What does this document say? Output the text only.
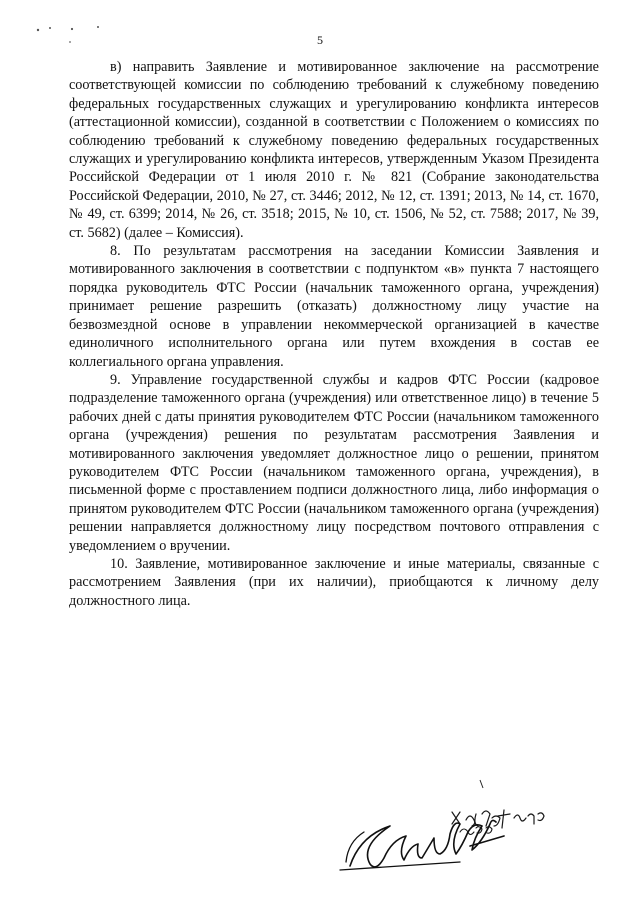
5

в) направить Заявление и мотивированное заключение на рассмотрение соответствующей комиссии по соблюдению требований к служебному поведению федеральных государственных служащих и урегулированию конфликта интересов (аттестационной комиссии), созданной в соответствии с Положением о комиссиях по соблюдению требований к служебному поведению федеральных государственных служащих и урегулированию конфликта интересов, утвержденным Указом Президента Российской Федерации от 1 июля 2010 г. № 821 (Собрание законодательства Российской Федерации, 2010, № 27, ст. 3446; 2012, № 12, ст. 1391; 2013, № 14, ст. 1670, № 49, ст. 6399; 2014, № 26, ст. 3518; 2015, № 10, ст. 1506, № 52, ст. 7588; 2017, № 39, ст. 5682) (далее – Комиссия).

8. По результатам рассмотрения на заседании Комиссии Заявления и мотивированного заключения в соответствии с подпунктом «в» пункта 7 настоящего порядка руководитель ФТС России (начальник таможенного органа, учреждения) принимает решение разрешить (отказать) должностному лицу участие на безвозмездной основе в управлении некоммерческой организацией в качестве единоличного исполнительного органа или путем вхождения в состав ее коллегиального органа управления.

9. Управление государственной службы и кадров ФТС России (кадровое подразделение таможенного органа (учреждения) или ответственное лицо) в течение 5 рабочих дней с даты принятия руководителем ФТС России (начальником таможенного органа (учреждения) решения по результатам рассмотрения Заявления и мотивированного заключения уведомляет должностное лицо о решении, принятом руководителем ФТС России (начальником таможенного органа, учреждения), в письменной форме с проставлением подписи должностного лица, либо информация о принятом руководителем ФТС России (начальником таможенного органа (учреждения) решении направляется должностному лицу посредством почтового отправления с уведомлением о вручении.

10. Заявление, мотивированное заключение и иные материалы, связанные с рассмотрением Заявления (при их наличии), приобщаются к личному делу должностного лица.
